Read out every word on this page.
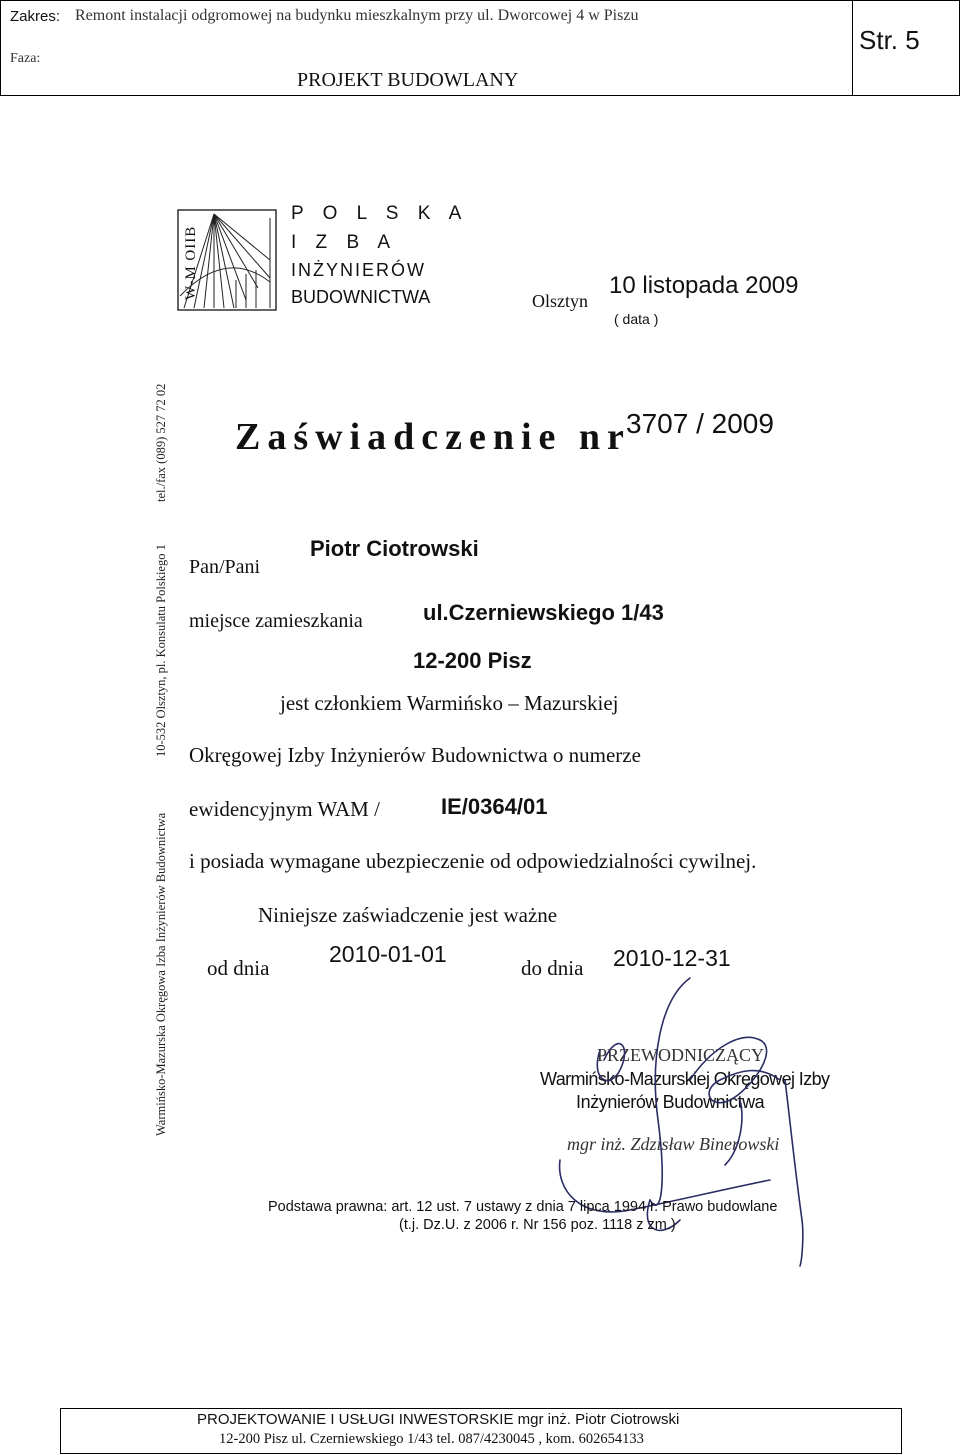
Zakres: Remont instalacji odgromowej na budynku mieszkalnym przy ul. Dworcowej 4 w Piszu
Faza:
PROJEKT BUDOWLANY
Str. 5
W-M OIIB
P O L S K A
I Z B A
INŻYNIERÓW
BUDOWNICTWA	Olsztyn
10 listopada 2009
( data )
Warmińsko-Mazurska Okręgowa Izba Inżynierów Budownictwa
10-532 Olsztyn, pl. Konsulatu Polskiego 1
tel./fax (089) 527 72 02 Zaświadczenie nr
3707 / 2009
Pan/Pani
Piotr Ciotrowski
miejsce zamieszkania	ul.Czerniewskiego 1/43
12-200 Pisz
jest członkiem Warmińsko – Mazurskiej
Okręgowej Izby Inżynierów Budownictwa o numerze
ewidencyjnym WAM /	IE/0364/01
i posiada wymagane ubezpieczenie od odpowiedzialności cywilnej.
Niniejsze zaświadczenie jest ważne
od dnia
2010-01-01
do dnia 2010-12-31
PRZEWODNICZĄCY
Warmińsko-Mazurskiej Okręgowej Izby
Inżynierów Budownictwa
mgr inż. Zdzisław Binerowski
Podstawa prawna: art. 12 ust. 7 ustawy z dnia 7 lipca 1994 r. Prawo budowlane
(t.j. Dz.U. z 2006 r. Nr 156 poz. 1118 z zm.)
PROJEKTOWANIE I USŁUGI INWESTORSKIE mgr inż. Piotr Ciotrowski
12-200 Pisz ul. Czerniewskiego 1/43 tel. 087/4230045 , kom. 602654133
